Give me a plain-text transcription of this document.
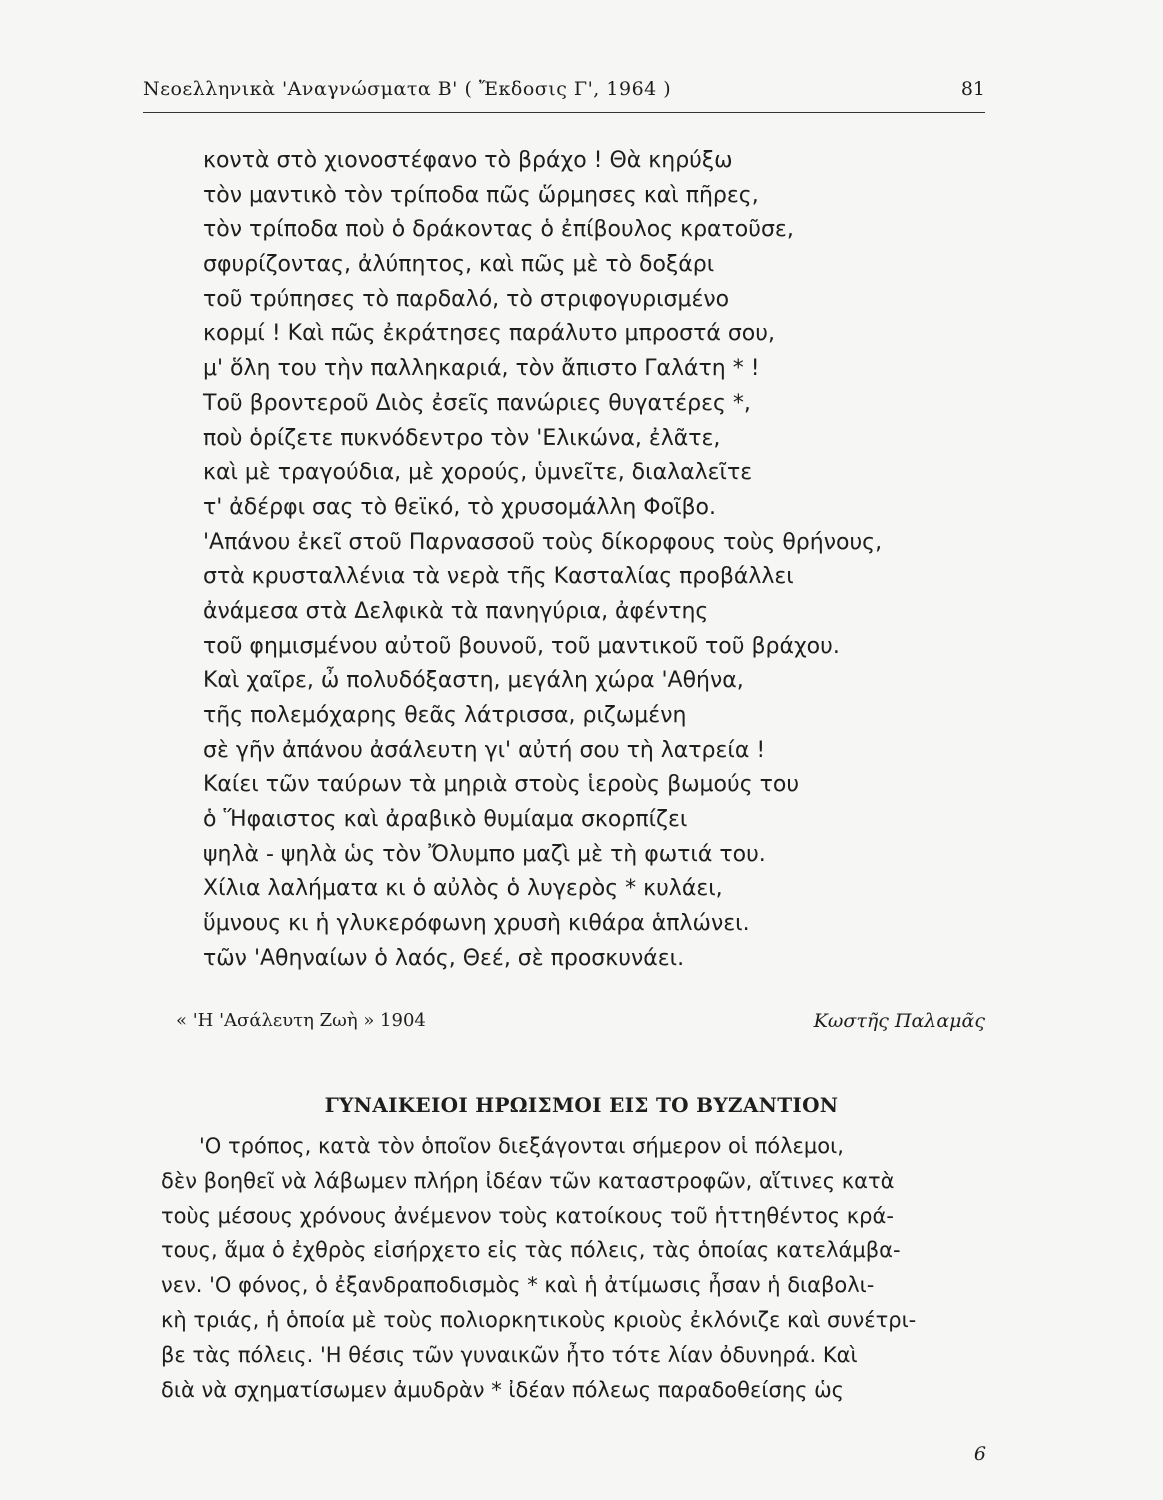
Νεοελληνικὰ 'Αναγνώσματα Β' ( Ἔκδοσις Γ', 1964 )	81
κοντὰ στὸ χιονοστέφανο τὸ βράχο ! Θὰ κηρύξω
τὸν μαντικὸ τὸν τρίποδα πῶς ὥρμησες καὶ πῆρες,
τὸν τρίποδα ποὺ ὁ δράκοντας ὁ ἐπίβουλος κρατοῦσε,
σφυρίζοντας, ἀλύπητος, καὶ πῶς μὲ τὸ δοξάρι
τοῦ τρύπησες τὸ παρδαλό, τὸ στριφογυρισμένο
κορμί ! Καὶ πῶς ἐκράτησες παράλυτο μπροστά σου,
μ' ὅλη του τὴν παλληκαριά, τὸν ἄπιστο Γαλάτη * !
Τοῦ βροντεροῦ Διὸς ἐσεῖς πανώριες θυγατέρες *,
ποὺ ὁρίζετε πυκνόδεντρο τὸν 'Ελικώνα, ἐλᾶτε,
καὶ μὲ τραγούδια, μὲ χορούς, ὑμνεῖτε, διαλαλεῖτε
τ' ἀδέρφι σας τὸ θεϊκό, τὸ χρυσομάλλη Φοῖβο.
'Απάνου ἐκεῖ στοῦ Παρνασσοῦ τοὺς δίκορφους τοὺς θρήνους,
στὰ κρυσταλλένια τὰ νερὰ τῆς Κασταλίας προβάλλει
ἀνάμεσα στὰ Δελφικὰ τὰ πανηγύρια, ἀφέντης
τοῦ φημισμένου αὐτοῦ βουνοῦ, τοῦ μαντικοῦ τοῦ βράχου.
Καὶ χαῖρε, ὦ πολυδόξαστη, μεγάλη χώρα 'Αθήνα,
τῆς πολεμόχαρης θεᾶς λάτρισσα, ριζωμένη
σὲ γῆν ἀπάνου ἀσάλευτη γι' αὐτή σου τὴ λατρεία !
Καίει τῶν ταύρων τὰ μηριὰ στοὺς ἱεροὺς βωμούς του
ὁ Ἥφαιστος καὶ ἀραβικὸ θυμίαμα σκορπίζει
ψηλὰ - ψηλὰ ὡς τὸν Ὄλυμπο μαζὶ μὲ τὴ φωτιά του.
Χίλια λαλήματα κι ὁ αὐλὸς ὁ λυγερὸς * κυλάει,
ὕμνους κι ἡ γλυκερόφωνη χρυσὴ κιθάρα ἁπλώνει.
τῶν 'Αθηναίων ὁ λαός, Θεέ, σὲ προσκυνάει.
« 'Η 'Ασάλευτη Ζωὴ » 1904	Κωστῆς Παλαμᾶς
ΓΥΝΑΙΚΕΙΟΙ ΗΡΩΙΣΜΟΙ ΕΙΣ ΤΟ ΒΥΖΑΝΤΙΟΝ
'Ο τρόπος, κατὰ τὸν ὁποῖον διεξάγονται σήμερον οἱ πόλεμοι,
δὲν βοηθεῖ νὰ λάβωμεν πλήρη ἰδέαν τῶν καταστροφῶν, αἵτινες κατὰ
τοὺς μέσους χρόνους ἀνέμενον τοὺς κατοίκους τοῦ ἡττηθέντος κρά-
τους, ἅμα ὁ ἐχθρὸς εἰσήρχετο εἰς τὰς πόλεις, τὰς ὁποίας κατελάμβα-
νεν. 'Ο φόνος, ὁ ἐξανδραποδισμὸς * καὶ ἡ ἀτίμωσις ἦσαν ἡ διαβολι-
κὴ τριάς, ἡ ὁποία μὲ τοὺς πολιορκητικοὺς κριοὺς ἐκλόνιζε καὶ συνέτρι-
βε τὰς πόλεις. 'Η θέσις τῶν γυναικῶν ἦτο τότε λίαν ὀδυνηρά. Καὶ
διὰ νὰ σχηματίσωμεν ἀμυδρὰν * ἰδέαν πόλεως παραδοθείσης ὡς
6
